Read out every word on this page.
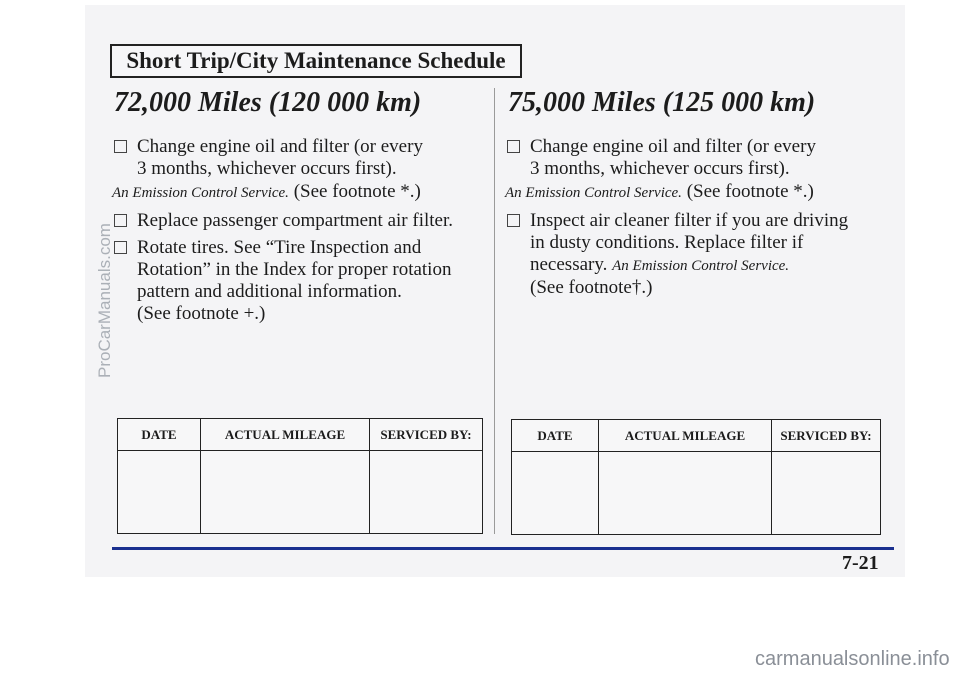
Short Trip/City Maintenance Schedule
72,000 Miles (120 000 km)	75,000 Miles (125 000 km)
Change engine oil and filter (or every
3 months, whichever occurs first).
An Emission Control Service. (See footnote *.)
Replace passenger compartment air filter.
Rotate tires. See “Tire Inspection and
Rotation” in the Index for proper rotation
pattern and additional information.
(See footnote +.)
Change engine oil and filter (or every
3 months, whichever occurs first).
An Emission Control Service. (See footnote *.)
Inspect air cleaner filter if you are driving
in dusty conditions. Replace filter if
necessary. An Emission Control Service.
(See footnote†.)
DATE	ACTUAL MILEAGE	SERVICED BY:
			DATE	ACTUAL MILEAGE	SERVICED BY:

7-21
ProCarManuals.com
carmanualsonline.info
